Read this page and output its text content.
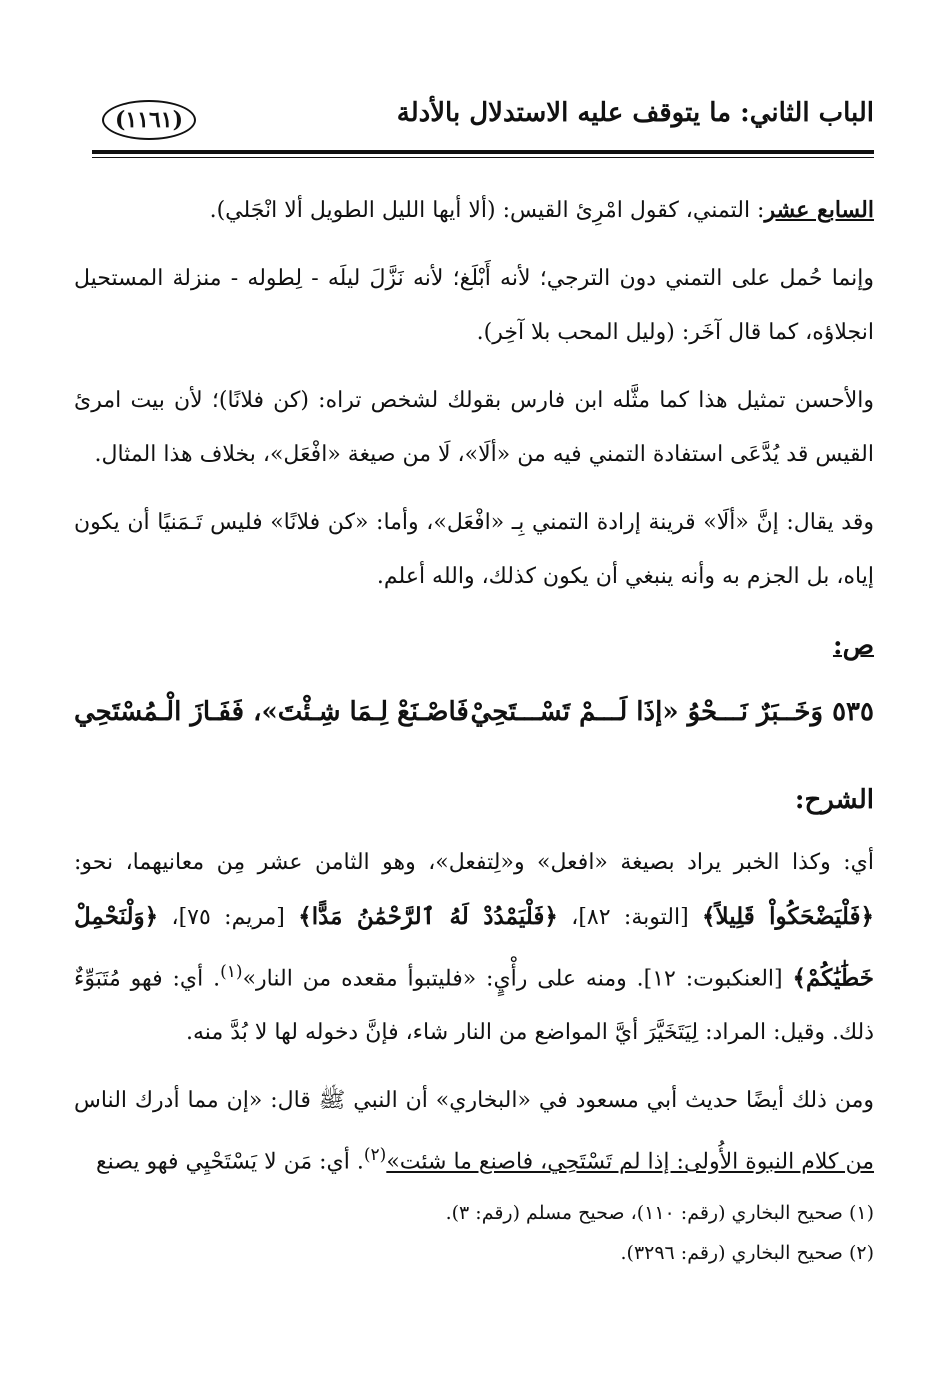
الباب الثاني: ما يتوقف عليه الاستدلال بالأدلة
(١١٦١)

السابع عشر: التمني، كقول امْرِئ القيس: (ألا أيها الليل الطويل ألا انْجَلي).

وإنما حُمل على التمني دون الترجي؛ لأنه أَبْلَغ؛ لأنه نَزَّلَ ليلَه - لِطوله - منزلة المستحيل انجلاؤه، كما قال آخَر: (وليل المحب بلا آخِر).

والأحسن تمثيل هذا كما مثَّله ابن فارس بقولك لشخص تراه: (كن فلانًا)؛ لأن بيت امرئ القيس قد يُدَّعَى استفادة التمني فيه من «ألَا»، لَا من صيغة «افْعَل»، بخلاف هذا المثال.

وقد يقال: إنَّ «ألَا» قرينة إرادة التمني بِـ «افْعَل»، وأما: «كن فلانًا» فليس تَـمَنيًا أن يكون إياه، بل الجزم به وأنه ينبغي أن يكون كذلك، والله أعلم.

ص:
٥٣٥ وَخَــبَرٌ نَـــحْوُ «إذَا لَـــمْ تَسْـــتَحِيْ
فَاصْـنَعْ لِـمَا شِـئْتَ»، فَفَـازَ الْـمُسْتَحِي
الشرح:

أي: وكذا الخبر يراد بصيغة «افعل» و«لِتفعل»، وهو الثامن عشر مِن معانيهما، نحو: ﴿فَلْيَضْحَكُواْ قَلِيلاً﴾ [التوبة: ٨٢]، ﴿فَلْيَمْدُدْ لَهُ ٱلرَّحْمَٰنُ مَدًّا﴾ [مريم: ٧٥]، ﴿وَلْنَحْمِلْ خَطَٰيَٰكُمْ﴾ [العنكبوت: ١٢]. ومنه على رأْيٍ: «فليتبوأ مقعده من النار»$^{(١)}$. أي: فهو مُتَبَوِّءٌ ذلك. وقيل: المراد: لِيَتَخَيَّرَ أيَّ المواضع من النار شاء، فإنَّ دخوله لها لا بُدَّ منه.

ومن ذلك أيضًا حديث أبي مسعود في «البخاري» أن النبي ﷺ قال: «إن مما أدرك الناس من كلام النبوة الأُولى: إذا لم تَسْتَحِي، فاصنع ما شئت»$^{(٢)}$. أي: مَن لا يَسْتَحْيِي فهو يصنع

(١) صحيح البخاري (رقم: ١١٠)، صحيح مسلم (رقم: ٣).

(٢) صحيح البخاري (رقم: ٣٢٩٦).
